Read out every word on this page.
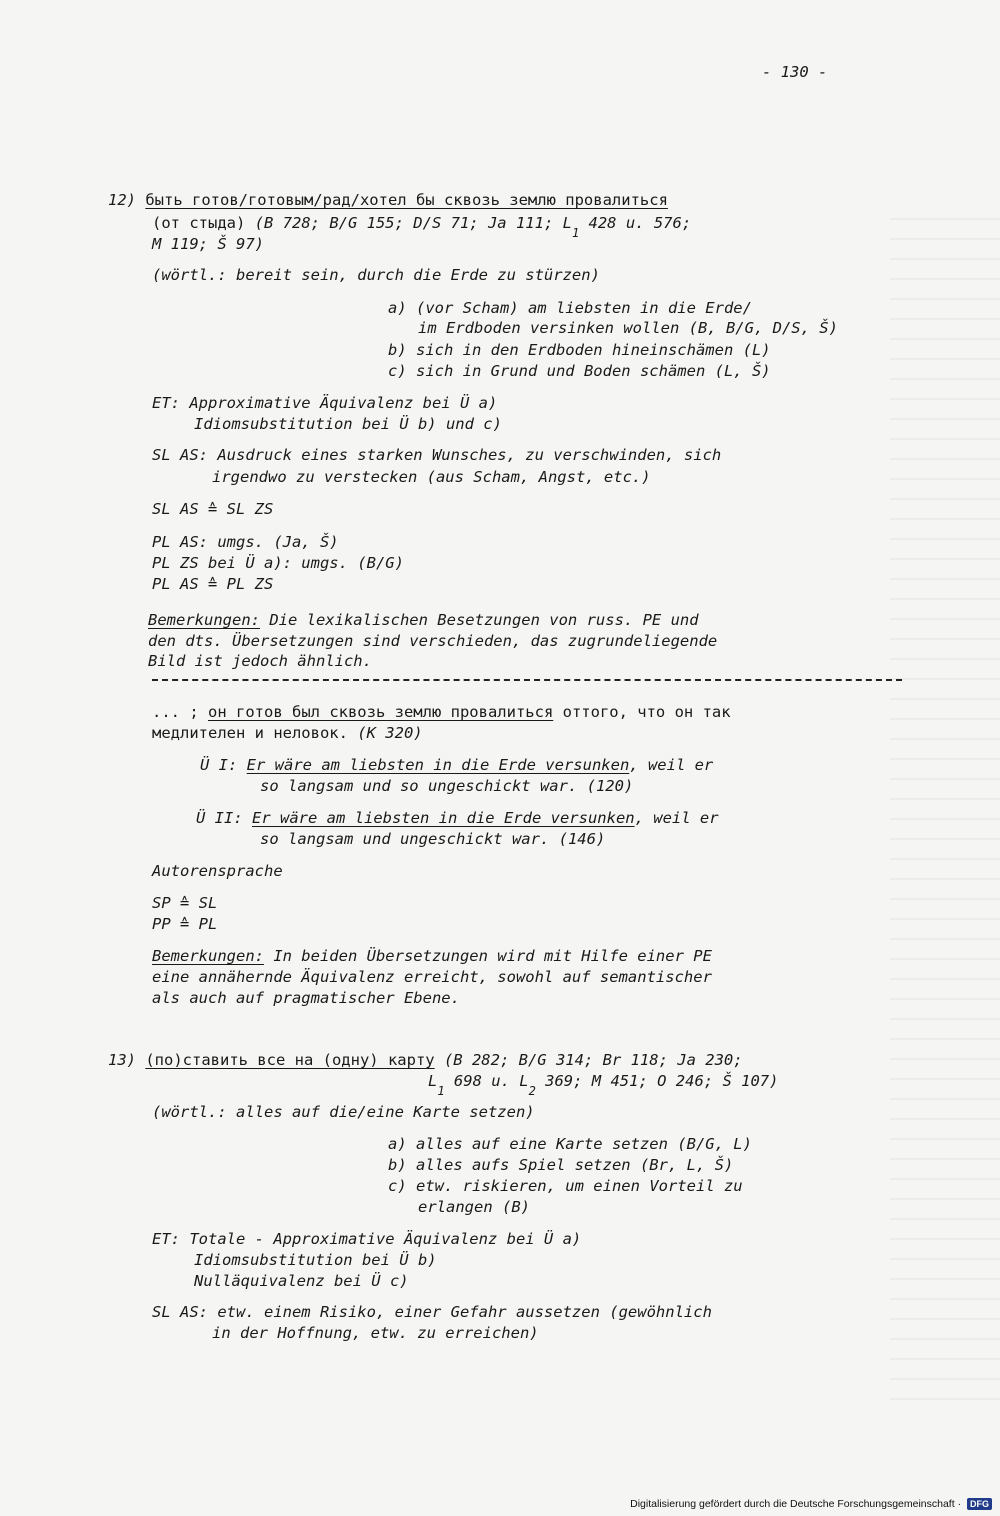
- 130 -
12) быть готов/готовым/рад/хотел бы сквозь землю провалиться
(от стыда) (B 728; B/G 155; D/S 71; Ja 111; $L_1$ 428 u. 576;
M 119; Š 97)
(wörtl.: bereit sein, durch die Erde zu stürzen)
a) (vor Scham) am liebsten in die Erde/
im Erdboden versinken wollen (B, B/G, D/S, Š)
b) sich in den Erdboden hineinschämen (L)
c) sich in Grund und Boden schämen (L, Š)
ET: Approximative Äquivalenz bei Ü a)
Idiomsubstitution bei Ü b) und c)
SL AS: Ausdruck eines starken Wunsches, zu verschwinden, sich
irgendwo zu verstecken (aus Scham, Angst, etc.)
SL AS ≙ SL ZS
PL AS: umgs. (Ja, Š)
PL ZS bei Ü a): umgs. (B/G)
PL AS ≙ PL ZS
Bemerkungen: Die lexikalischen Besetzungen von russ. PE und
den dts. Übersetzungen sind verschieden, das zugrundeliegende
Bild ist jedoch ähnlich.
... ; он готов был сквозь землю провалиться оттого, что он так
медлителен и неловок. (K 320)
Ü I: Er wäre am liebsten in die Erde versunken, weil er
so langsam und so ungeschickt war. (120)
Ü II: Er wäre am liebsten in die Erde versunken, weil er
so langsam und ungeschickt war. (146)
Autorensprache
SP ≙ SL
PP ≙ PL
Bemerkungen: In beiden Übersetzungen wird mit Hilfe einer PE
eine annähernde Äquivalenz erreicht, sowohl auf semantischer
als auch auf pragmatischer Ebene.
13) (по)ставить все на (одну) карту (B 282; B/G 314; Br 118; Ja 230;
$L_1$ 698 u. $L_2$ 369; M 451; O 246; Š 107)
(wörtl.: alles auf die/eine Karte setzen)
a) alles auf eine Karte setzen (B/G, L)
b) alles aufs Spiel setzen (Br, L, Š)
c) etw. riskieren, um einen Vorteil zu
erlangen (B)
ET: Totale - Approximative Äquivalenz bei Ü a)
Idiomsubstitution bei Ü b)
Nulläquivalenz bei Ü c)
SL AS: etw. einem Risiko, einer Gefahr aussetzen (gewöhnlich
in der Hoffnung, etw. zu erreichen)
Digitalisierung gefördert durch die Deutsche Forschungsgemeinschaft · DFG
